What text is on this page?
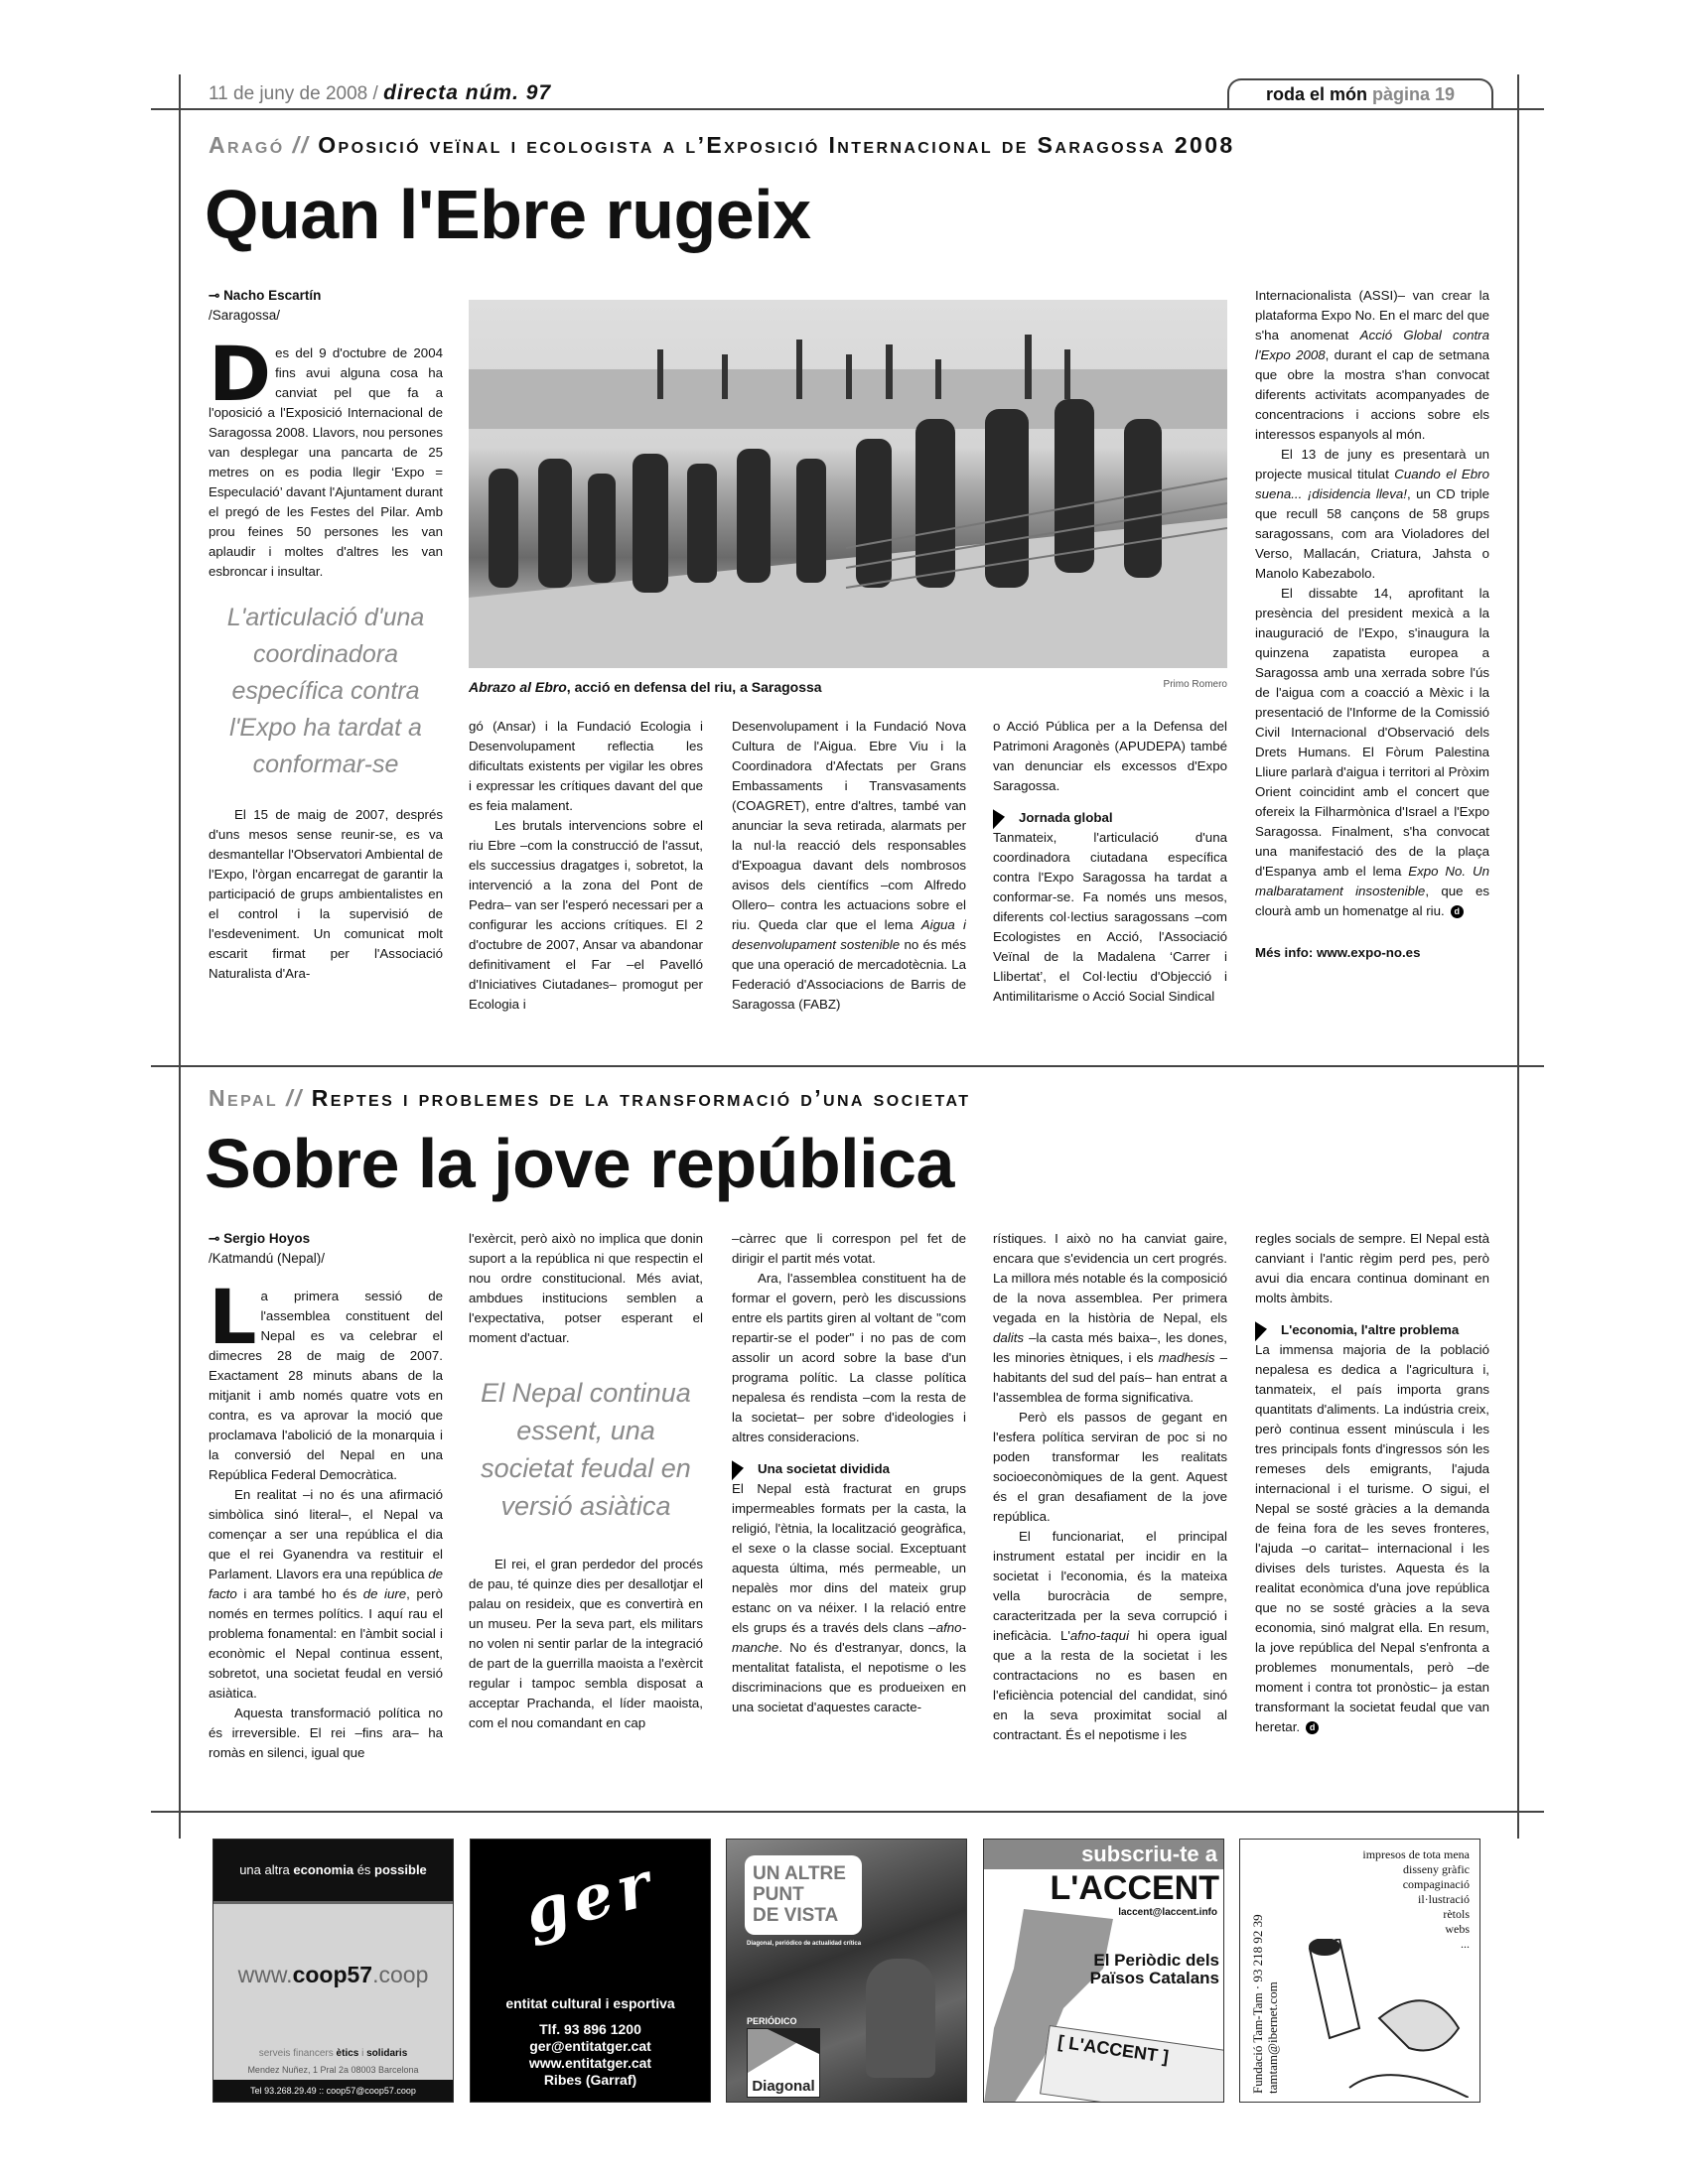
11 de juny de 2008 / directa núm. 97	roda el món pàgina 19
Aragó // Oposició veïnal i ecologista a l’Exposició Internacional de Saragossa 2008
Quan l'Ebre rugeix
⊸ Nacho Escartín
/Saragossa/

Des del 9 d'octubre de 2004 fins avui alguna cosa ha canviat pel que fa a l'oposició a l'Exposició Internacional de Saragossa 2008. Llavors, nou persones van desplegar una pancarta de 25 metres on es podia llegir ‘Expo = Especulació’ davant l'Ajuntament durant el pregó de les Festes del Pilar. Amb prou feines 50 persones les van aplaudir i moltes d'altres les van esbroncar i insultar.

L'articulació d'una coordinadora específica contra l'Expo ha tardat a conformar-se

El 15 de maig de 2007, després d'uns mesos sense reunir-se, es va desmantellar l'Observatori Ambiental de l'Expo, l'òrgan encarregat de garantir la participació de grups ambientalistes en el control i la supervisió de l'esdeveniment. Un comunicat molt escarit firmat per l'Associació Naturalista d'Ara-

Abrazo al Ebro, acció en defensa del riu, a Saragossa	Primo Romero

gó (Ansar) i la Fundació Ecologia i Desenvolupament reflectia les dificultats existents per vigilar les obres i expressar les crítiques davant del que es feia malament.

Les brutals intervencions sobre el riu Ebre –com la construcció de l'assut, els successius dragatges i, sobretot, la intervenció a la zona del Pont de Pedra– van ser l'esperó necessari per a configurar les accions crítiques. El 2 d'octubre de 2007, Ansar va abandonar definitivament el Far –el Pavelló d'Iniciatives Ciutadanes– promogut per Ecologia i

Desenvolupament i la Fundació Nova Cultura de l'Aigua. Ebre Viu i la Coordinadora d'Afectats per Grans Embassaments i Transvasaments (COAGRET), entre d'altres, també van anunciar la seva retirada, alarmats per la nul·la reacció dels responsables d'Expoagua davant dels nombrosos avisos dels científics –com Alfredo Ollero– contra les actuacions sobre el riu. Queda clar que el lema Aigua i desenvolupament sostenible no és més que una operació de mercadotècnia. La Federació d'Associacions de Barris de Saragossa (FABZ)

o Acció Pública per a la Defensa del Patrimoni Aragonès (APUDEPA) també van denunciar els excessos d'Expo Saragossa.

Jornada global

Tanmateix, l'articulació d'una coordinadora ciutadana específica contra l'Expo Saragossa ha tardat a conformar-se. Fa només uns mesos, diferents col·lectius saragossans –com Ecologistes en Acció, l'Associació Veïnal de la Madalena ‘Carrer i Llibertat’, el Col·lectiu d'Objecció i Antimilitarisme o Acció Social Sindical

Internacionalista (ASSI)– van crear la plataforma Expo No. En el marc del que s'ha anomenat Acció Global contra l'Expo 2008, durant el cap de setmana que obre la mostra s'han convocat diferents activitats acompanyades de concentracions i accions sobre els interessos espanyols al món.

El 13 de juny es presentarà un projecte musical titulat Cuando el Ebro suena... ¡disidencia lleva!, un CD triple que recull 58 cançons de 58 grups saragossans, com ara Violadores del Verso, Mallacán, Criatura, Jahsta o Manolo Kabezabolo.

El dissabte 14, aprofitant la presència del president mexicà a la inauguració de l'Expo, s'inaugura la quinzena zapatista europea a Saragossa amb una xerrada sobre l'ús de l'aigua com a coacció a Mèxic i la presentació de l'Informe de la Comissió Civil Internacional d'Observació dels Drets Humans. El Fòrum Palestina Lliure parlarà d'aigua i territori al Pròxim Orient coincidint amb el concert que ofereix la Filharmònica d'Israel a l'Expo Saragossa. Finalment, s'ha convocat una manifestació des de la plaça d'Espanya amb el lema Expo No. Un malbaratament insostenible, que es clourà amb un homenatge al riu. d

Més info: www.expo-no.es
Nepal // Reptes i problemes de la transformació d’una societat
Sobre la jove república
⊸ Sergio Hoyos
/Katmandú (Nepal)/

La primera sessió de l'assemblea constituent del Nepal es va celebrar el dimecres 28 de maig de 2007. Exactament 28 minuts abans de la mitjanit i amb només quatre vots en contra, es va aprovar la moció que proclamava l'abolició de la monarquia i la conversió del Nepal en una República Federal Democràtica.

En realitat –i no és una afirmació simbòlica sinó literal–, el Nepal va començar a ser una república el dia que el rei Gyanendra va restituir el Parlament. Llavors era una república de facto i ara també ho és de iure, però només en termes polítics. I aquí rau el problema fonamental: en l'àmbit social i econòmic el Nepal continua essent, sobretot, una societat feudal en versió asiàtica.

Aquesta transformació política no és irreversible. El rei –fins ara– ha romàs en silenci, igual que

l'exèrcit, però això no implica que donin suport a la república ni que respectin el nou ordre constitucional. Més aviat, ambdues institucions semblen a l'expectativa, potser esperant el moment d'actuar.

El Nepal continua essent, una societat feudal en versió asiàtica

El rei, el gran perdedor del procés de pau, té quinze dies per desallotjar el palau on resideix, que es convertirà en un museu. Per la seva part, els militars no volen ni sentir parlar de la integració de part de la guerrilla maoista a l'exèrcit regular i tampoc sembla disposat a acceptar Prachanda, el líder maoista, com el nou comandant en cap

–càrrec que li correspon pel fet de dirigir el partit més votat.

Ara, l'assemblea constituent ha de formar el govern, però les discussions entre els partits giren al voltant de "com repartir-se el poder" i no pas de com assolir un acord sobre la base d'un programa polític. La classe política nepalesa és rendista –com la resta de la societat– per sobre d'ideologies i altres consideracions.

Una societat dividida

El Nepal està fracturat en grups impermeables formats per la casta, la religió, l'ètnia, la localització geogràfica, el sexe o la classe social. Exceptuant aquesta última, més permeable, un nepalès mor dins del mateix grup estanc on va néixer. I la relació entre els grups és a través dels clans –afno-manche. No és d'estranyar, doncs, la mentalitat fatalista, el nepotisme o les discriminacions que es produeixen en una societat d'aquestes caracte-

rístiques. I això no ha canviat gaire, encara que s'evidencia un cert progrés. La millora més notable és la composició de la nova assemblea. Per primera vegada en la història de Nepal, els dalits –la casta més baixa–, les dones, les minories ètniques, i els madhesis –habitants del sud del país– han entrat a l'assemblea de forma significativa.

Però els passos de gegant en l'esfera política serviran de poc si no poden transformar les realitats socioeconòmiques de la gent. Aquest és el gran desafiament de la jove república.

El funcionariat, el principal instrument estatal per incidir en la societat i l'economia, és la mateixa vella burocràcia de sempre, caracteritzada per la seva corrupció i ineficàcia. L'afno-taqui hi opera igual que a la resta de la societat i les contractacions no es basen en l'eficiència potencial del candidat, sinó en la seva proximitat social al contractant. És el nepotisme i les

regles socials de sempre. El Nepal està canviant i l'antic règim perd pes, però avui dia encara continua dominant en molts àmbits.

L'economia, l'altre problema

La immensa majoria de la població nepalesa es dedica a l'agricultura i, tanmateix, el país importa grans quantitats d'aliments. La indústria creix, però continua essent minúscula i les tres principals fonts d'ingressos són les remeses dels emigrants, l'ajuda internacional i el turisme. O sigui, el Nepal se sosté gràcies a la demanda de feina fora de les seves fronteres, l'ajuda –o caritat– internacional i les divises dels turistes. Aquesta és la realitat econòmica d'una jove república que no se sosté gràcies a la seva economia, sinó malgrat ella. En resum, la jove república del Nepal s'enfronta a problemes monumentals, però –de moment i contra tot pronòstic– ja estan transformant la societat feudal que van heretar. d

una altra economia és possible
www.coop57.coop
serveis financers ètics i solidaris
Mendez Nuñez, 1 Pral 2a 08003 Barcelona
Tel 93.268.29.49 :: coop57@coop57.coop
ger
entitat cultural i esportiva
Tlf. 93 896 1200
ger@entitatger.cat
www.entitatger.cat
Ribes (Garraf)
UN ALTRE
PUNT
DE VISTA
Diagonal, periódico de actualidad crítica
PERIÓDICO
Diagonal
subscriu-te a
L'ACCENT
laccent@laccent.info
El Periòdic dels
Països Catalans
[ L'ACCENT ]
impresos de tota mena
disseny gràfic
compaginació
il·lustració
rètols
webs
...
Fundació Tam-Tam · 93 218 92 39 tamtam@ibernet.com
